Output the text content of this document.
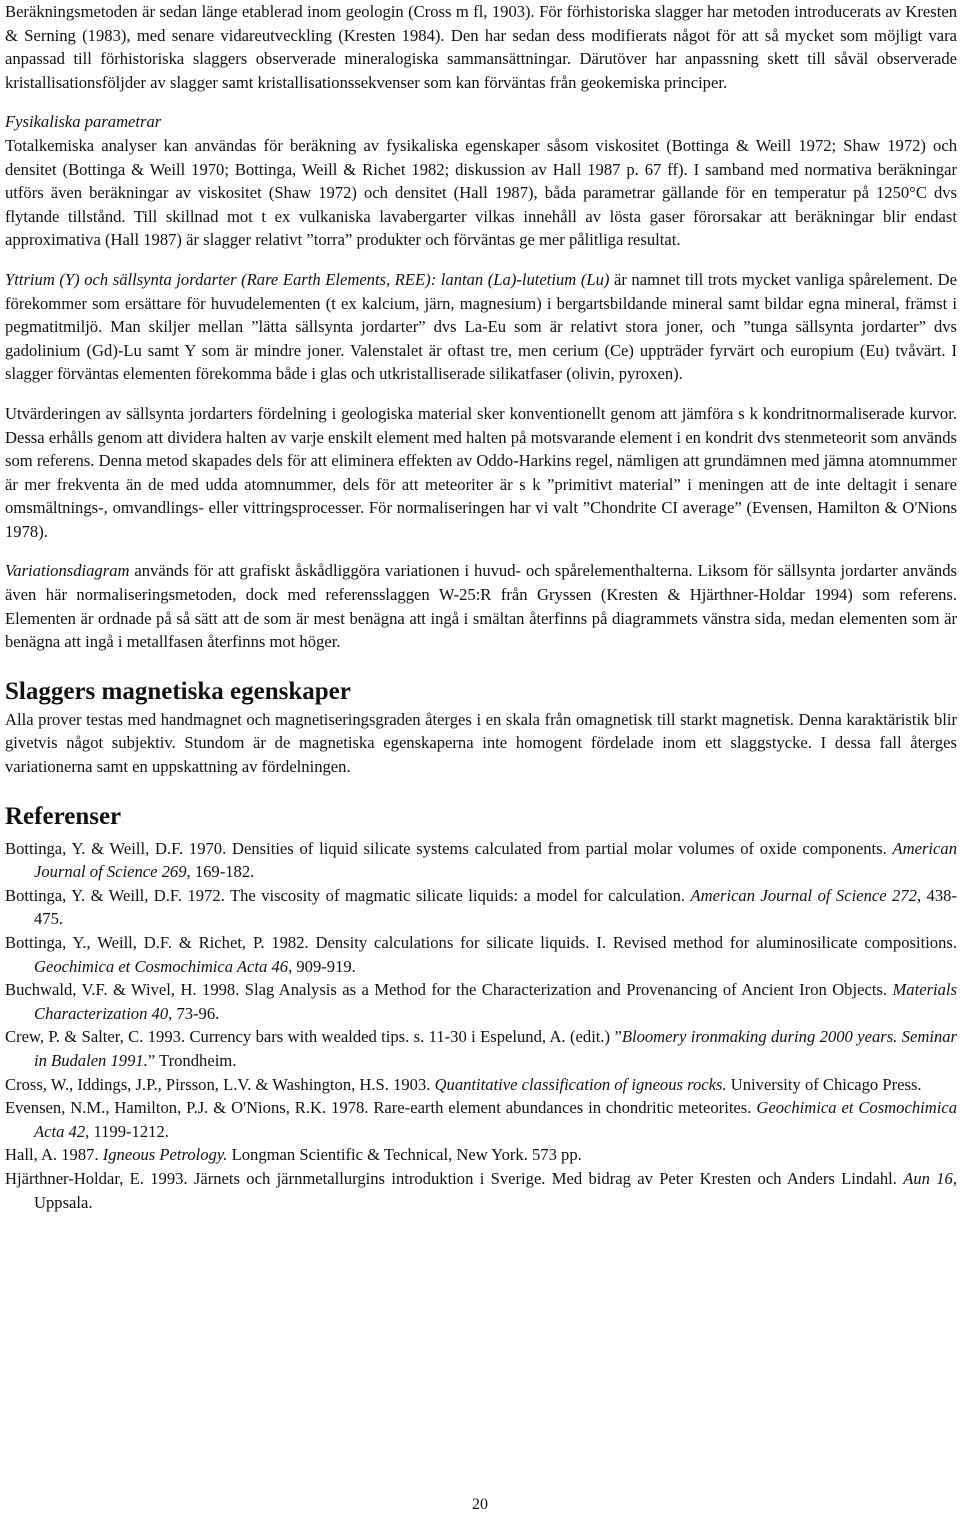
Beräkningsmetoden är sedan länge etablerad inom geologin (Cross m fl, 1903). För förhistoriska slagger har metoden introducerats av Kresten & Serning (1983), med senare vidareutveckling (Kresten 1984). Den har sedan dess modifierats något för att så mycket som möjligt vara anpassad till förhistoriska slaggers observerade mineralogiska sammansättningar. Därutöver har anpassning skett till såväl observerade kristallisationsföljder av slagger samt kristallisationssekvenser som kan förväntas från geokemiska principer.

Fysikaliska parametrar

Totalkemiska analyser kan användas för beräkning av fysikaliska egenskaper såsom viskositet (Bottinga & Weill 1972; Shaw 1972) och densitet (Bottinga & Weill 1970; Bottinga, Weill & Richet 1982; diskussion av Hall 1987 p. 67 ff). I samband med normativa beräkningar utförs även beräkningar av viskositet (Shaw 1972) och densitet (Hall 1987), båda parametrar gällande för en temperatur på 1250°C dvs flytande tillstånd. Till skillnad mot t ex vulkaniska lavabergarter vilkas innehåll av lösta gaser förorsakar att beräkningar blir endast approximativa (Hall 1987) är slagger relativt ”torra” produkter och förväntas ge mer pålitliga resultat.

Yttrium (Y) och sällsynta jordarter (Rare Earth Elements, REE): lantan (La)-lutetium (Lu) är namnet till trots mycket vanliga spårelement. De förekommer som ersättare för huvudelementen (t ex kalcium, järn, magnesium) i bergartsbildande mineral samt bildar egna mineral, främst i pegmatitmiljö. Man skiljer mellan ”lätta sällsynta jordarter” dvs La-Eu som är relativt stora joner, och ”tunga sällsynta jordarter” dvs gadolinium (Gd)-Lu samt Y som är mindre joner. Valenstalet är oftast tre, men cerium (Ce) uppträder fyrvärt och europium (Eu) tvåvärt. I slagger förväntas elementen förekomma både i glas och utkristalliserade silikatfaser (olivin, pyroxen).

Utvärderingen av sällsynta jordarters fördelning i geologiska material sker konventionellt genom att jämföra s k kondritnormaliserade kurvor. Dessa erhålls genom att dividera halten av varje enskilt element med halten på motsvarande element i en kondrit dvs stenmeteorit som används som referens. Denna metod skapades dels för att eliminera effekten av Oddo-Harkins regel, nämligen att grundämnen med jämna atomnummer är mer frekventa än de med udda atomnummer, dels för att meteoriter är s k ”primitivt material” i meningen att de inte deltagit i senare omsmältnings-, omvandlings- eller vittringsprocesser. För normaliseringen har vi valt ”Chondrite CI average” (Evensen, Hamilton & O'Nions 1978).

Variationsdiagram används för att grafiskt åskådliggöra variationen i huvud- och spårelementhalterna. Liksom för sällsynta jordarter används även här normaliseringsmetoden, dock med referensslaggen W-25:R från Gryssen (Kresten & Hjärthner-Holdar 1994) som referens. Elementen är ordnade på så sätt att de som är mest benägna att ingå i smältan återfinns på diagrammets vänstra sida, medan elementen som är benägna att ingå i metallfasen återfinns mot höger.

Slaggers magnetiska egenskaper

Alla prover testas med handmagnet och magnetiseringsgraden återges i en skala från omagnetisk till starkt magnetisk. Denna karaktäristik blir givetvis något subjektiv. Stundom är de magnetiska egenskaperna inte homogent fördelade inom ett slaggstycke. I dessa fall återges variationerna samt en uppskattning av fördelningen.

Referenser

Bottinga, Y. & Weill, D.F. 1970. Densities of liquid silicate systems calculated from partial molar volumes of oxide components. American Journal of Science 269, 169-182.

Bottinga, Y. & Weill, D.F. 1972. The viscosity of magmatic silicate liquids: a model for calculation. American Journal of Science 272, 438-475.

Bottinga, Y., Weill, D.F. & Richet, P. 1982. Density calculations for silicate liquids. I. Revised method for aluminosilicate compositions. Geochimica et Cosmochimica Acta 46, 909-919.

Buchwald, V.F. & Wivel, H. 1998. Slag Analysis as a Method for the Characterization and Provenancing of Ancient Iron Objects. Materials Characterization 40, 73-96.

Crew, P. & Salter, C. 1993. Currency bars with wealded tips. s. 11-30 i Espelund, A. (edit.) ”Bloomery ironmaking during 2000 years. Seminar in Budalen 1991.” Trondheim.

Cross, W., Iddings, J.P., Pirsson, L.V. & Washington, H.S. 1903. Quantitative classification of igneous rocks. University of Chicago Press.

Evensen, N.M., Hamilton, P.J. & O'Nions, R.K. 1978. Rare-earth element abundances in chondritic meteorites. Geochimica et Cosmochimica Acta 42, 1199-1212.

Hall, A. 1987. Igneous Petrology. Longman Scientific & Technical, New York. 573 pp.

Hjärthner-Holdar, E. 1993. Järnets och järnmetallurgins introduktion i Sverige. Med bidrag av Peter Kresten och Anders Lindahl. Aun 16, Uppsala.

20
